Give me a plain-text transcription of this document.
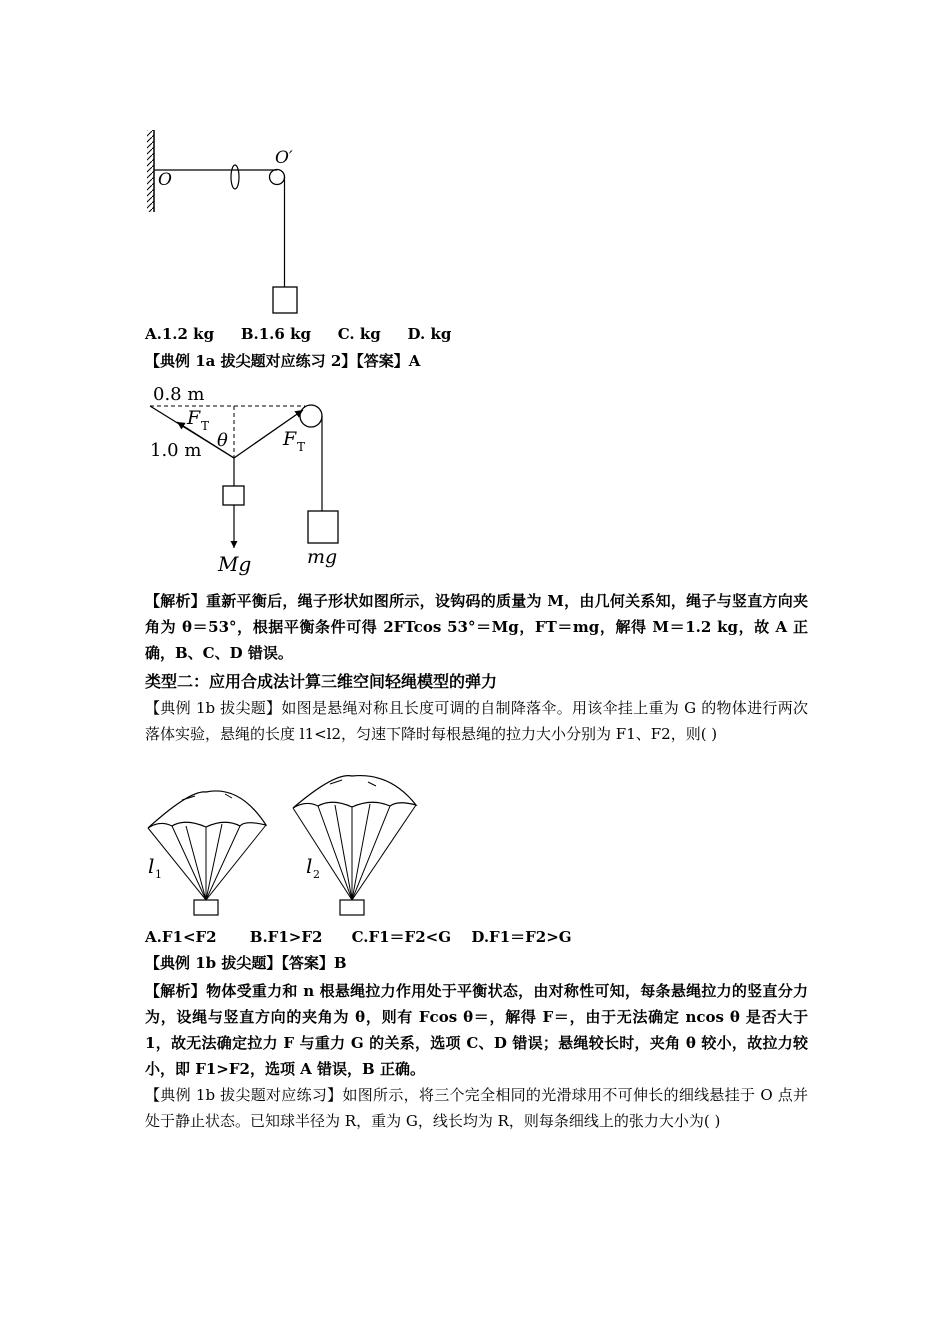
O
O′
A.1.2 kg B.1.6 kg C. kg D. kg
【典例 1a 拔尖题对应练习 2】【答案】A
0.8 m
1.0 m
F T
F T
θ
Mg	mg
【解析】重新平衡后，绳子形状如图所示，设钩码的质量为 M，由几何关系知，绳子与竖直方向夹角为 θ＝53°，根据平衡条件可得 2FTcos 53°＝Mg，FT＝mg，解得 M＝1.2 kg，故 A 正确，B、C、D 错误。
类型二：应用合成法计算三维空间轻绳模型的弹力
【典例 1b 拔尖题】如图是悬绳对称且长度可调的自制降落伞。用该伞挂上重为 G 的物体进行两次落体实验，悬绳的长度 l1<l2，匀速下降时每根悬绳的拉力大小分别为 F1、F2，则( )
l 1	l 2
A.F1<F2 B.F1>F2 C.F1＝F2<G D.F1＝F2>G
【典例 1b 拔尖题】【答案】B
【解析】物体受重力和 n 根悬绳拉力作用处于平衡状态，由对称性可知，每条悬绳拉力的竖直分力为，设绳与竖直方向的夹角为 θ，则有 Fcos θ＝，解得 F＝，由于无法确定 ncos θ 是否大于 1，故无法确定拉力 F 与重力 G 的关系，选项 C、D 错误；悬绳较长时，夹角 θ 较小，故拉力较小，即 F1>F2，选项 A 错误，B 正确。
【典例 1b 拔尖题对应练习】如图所示，将三个完全相同的光滑球用不可伸长的细线悬挂于 O 点并处于静止状态。已知球半径为 R，重为 G，线长均为 R，则每条细线上的张力大小为( )
